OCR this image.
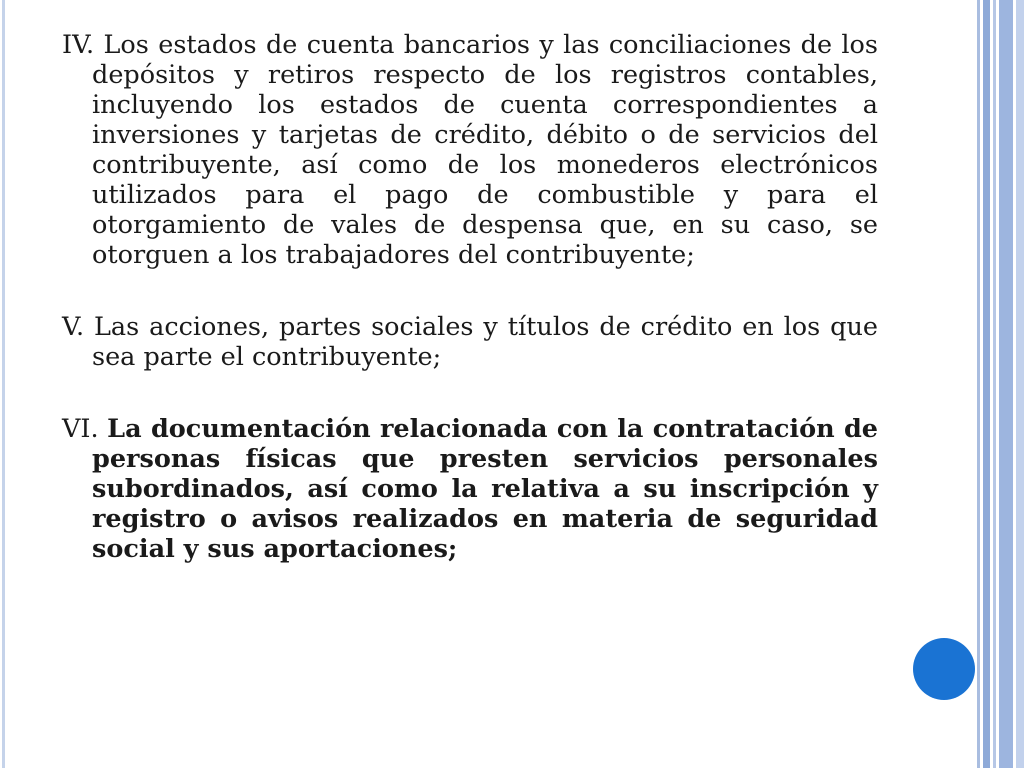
IV. Los estados de cuenta bancarios y las conciliaciones de los depósitos y retiros respecto de los registros contables, incluyendo los estados de cuenta correspondientes a inversiones y tarjetas de crédito, débito o de servicios del contribuyente, así como de los monederos electrónicos utilizados para el pago de combustible y para el otorgamiento de vales de despensa que, en su caso, se otorguen a los trabajadores del contribuyente;

V. Las acciones, partes sociales y títulos de crédito en los que sea parte el contribuyente;

VI. La documentación relacionada con la contratación de personas físicas que presten servicios personales subordinados, así como la relativa a su inscripción y registro o avisos realizados en materia de seguridad social y sus aportaciones;
